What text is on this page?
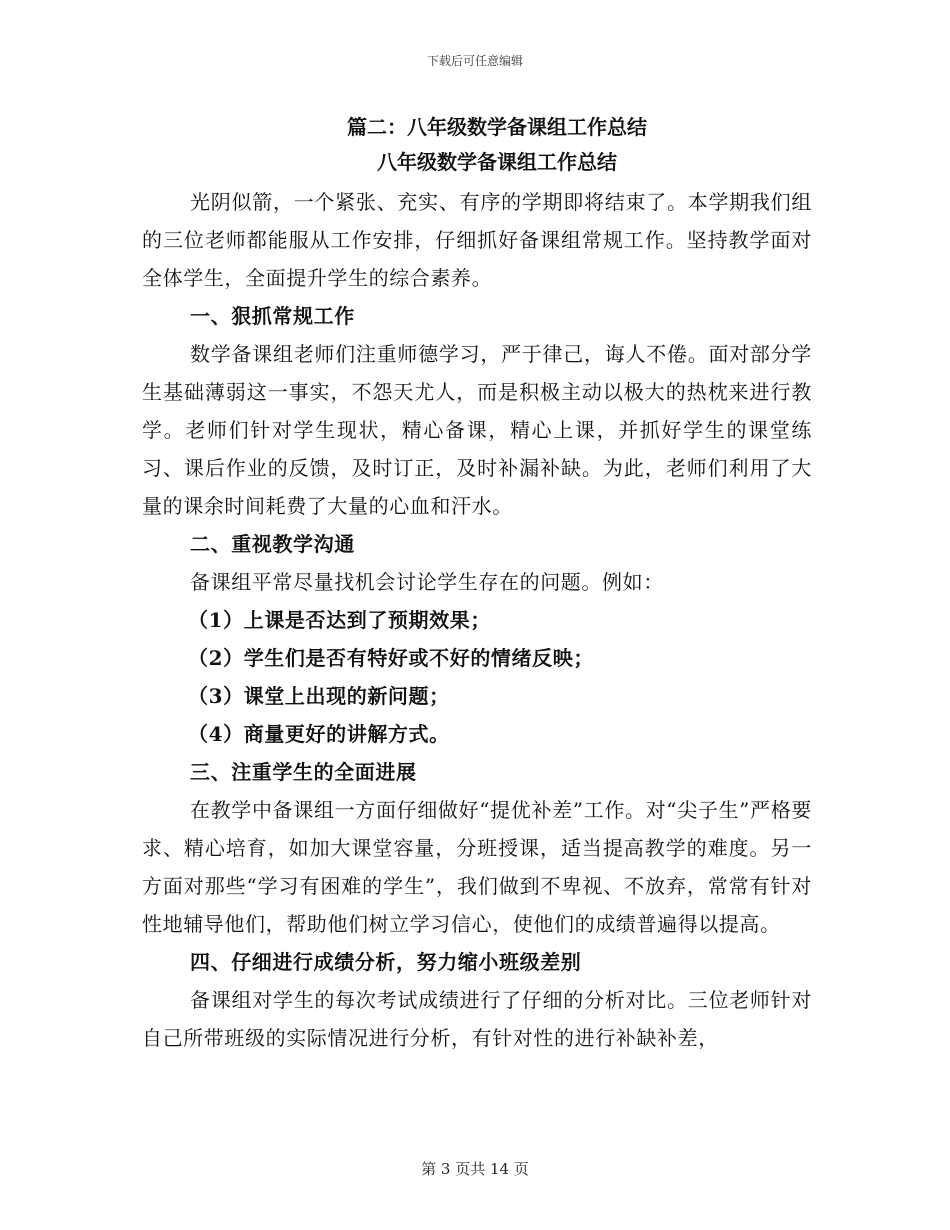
下载后可任意编辑
篇二：八年级数学备课组工作总结
八年级数学备课组工作总结

光阴似箭，一个紧张、充实、有序的学期即将结束了。本学期我们组的三位老师都能服从工作安排，仔细抓好备课组常规工作。坚持教学面对全体学生，全面提升学生的综合素养。

一、狠抓常规工作

数学备课组老师们注重师德学习，严于律己，诲人不倦。面对部分学生基础薄弱这一事实，不怨天尤人，而是积极主动以极大的热枕来进行教学。老师们针对学生现状，精心备课，精心上课，并抓好学生的课堂练习、课后作业的反馈，及时订正，及时补漏补缺。为此，老师们利用了大量的课余时间耗费了大量的心血和汗水。

二、重视教学沟通

备课组平常尽量找机会讨论学生存在的问题。例如：

（1）上课是否达到了预期效果；

（2）学生们是否有特好或不好的情绪反映；

（3）课堂上出现的新问题；

（4）商量更好的讲解方式。

三、注重学生的全面进展

在教学中备课组一方面仔细做好“提优补差”工作。对“尖子生”严格要求、精心培育，如加大课堂容量，分班授课，适当提高教学的难度。另一方面对那些“学习有困难的学生”，我们做到不卑视、不放弃，常常有针对性地辅导他们，帮助他们树立学习信心，使他们的成绩普遍得以提高。

四、仔细进行成绩分析，努力缩小班级差别

备课组对学生的每次考试成绩进行了仔细的分析对比。三位老师针对自己所带班级的实际情况进行分析，有针对性的进行补缺补差，

第 3 页共 14 页
